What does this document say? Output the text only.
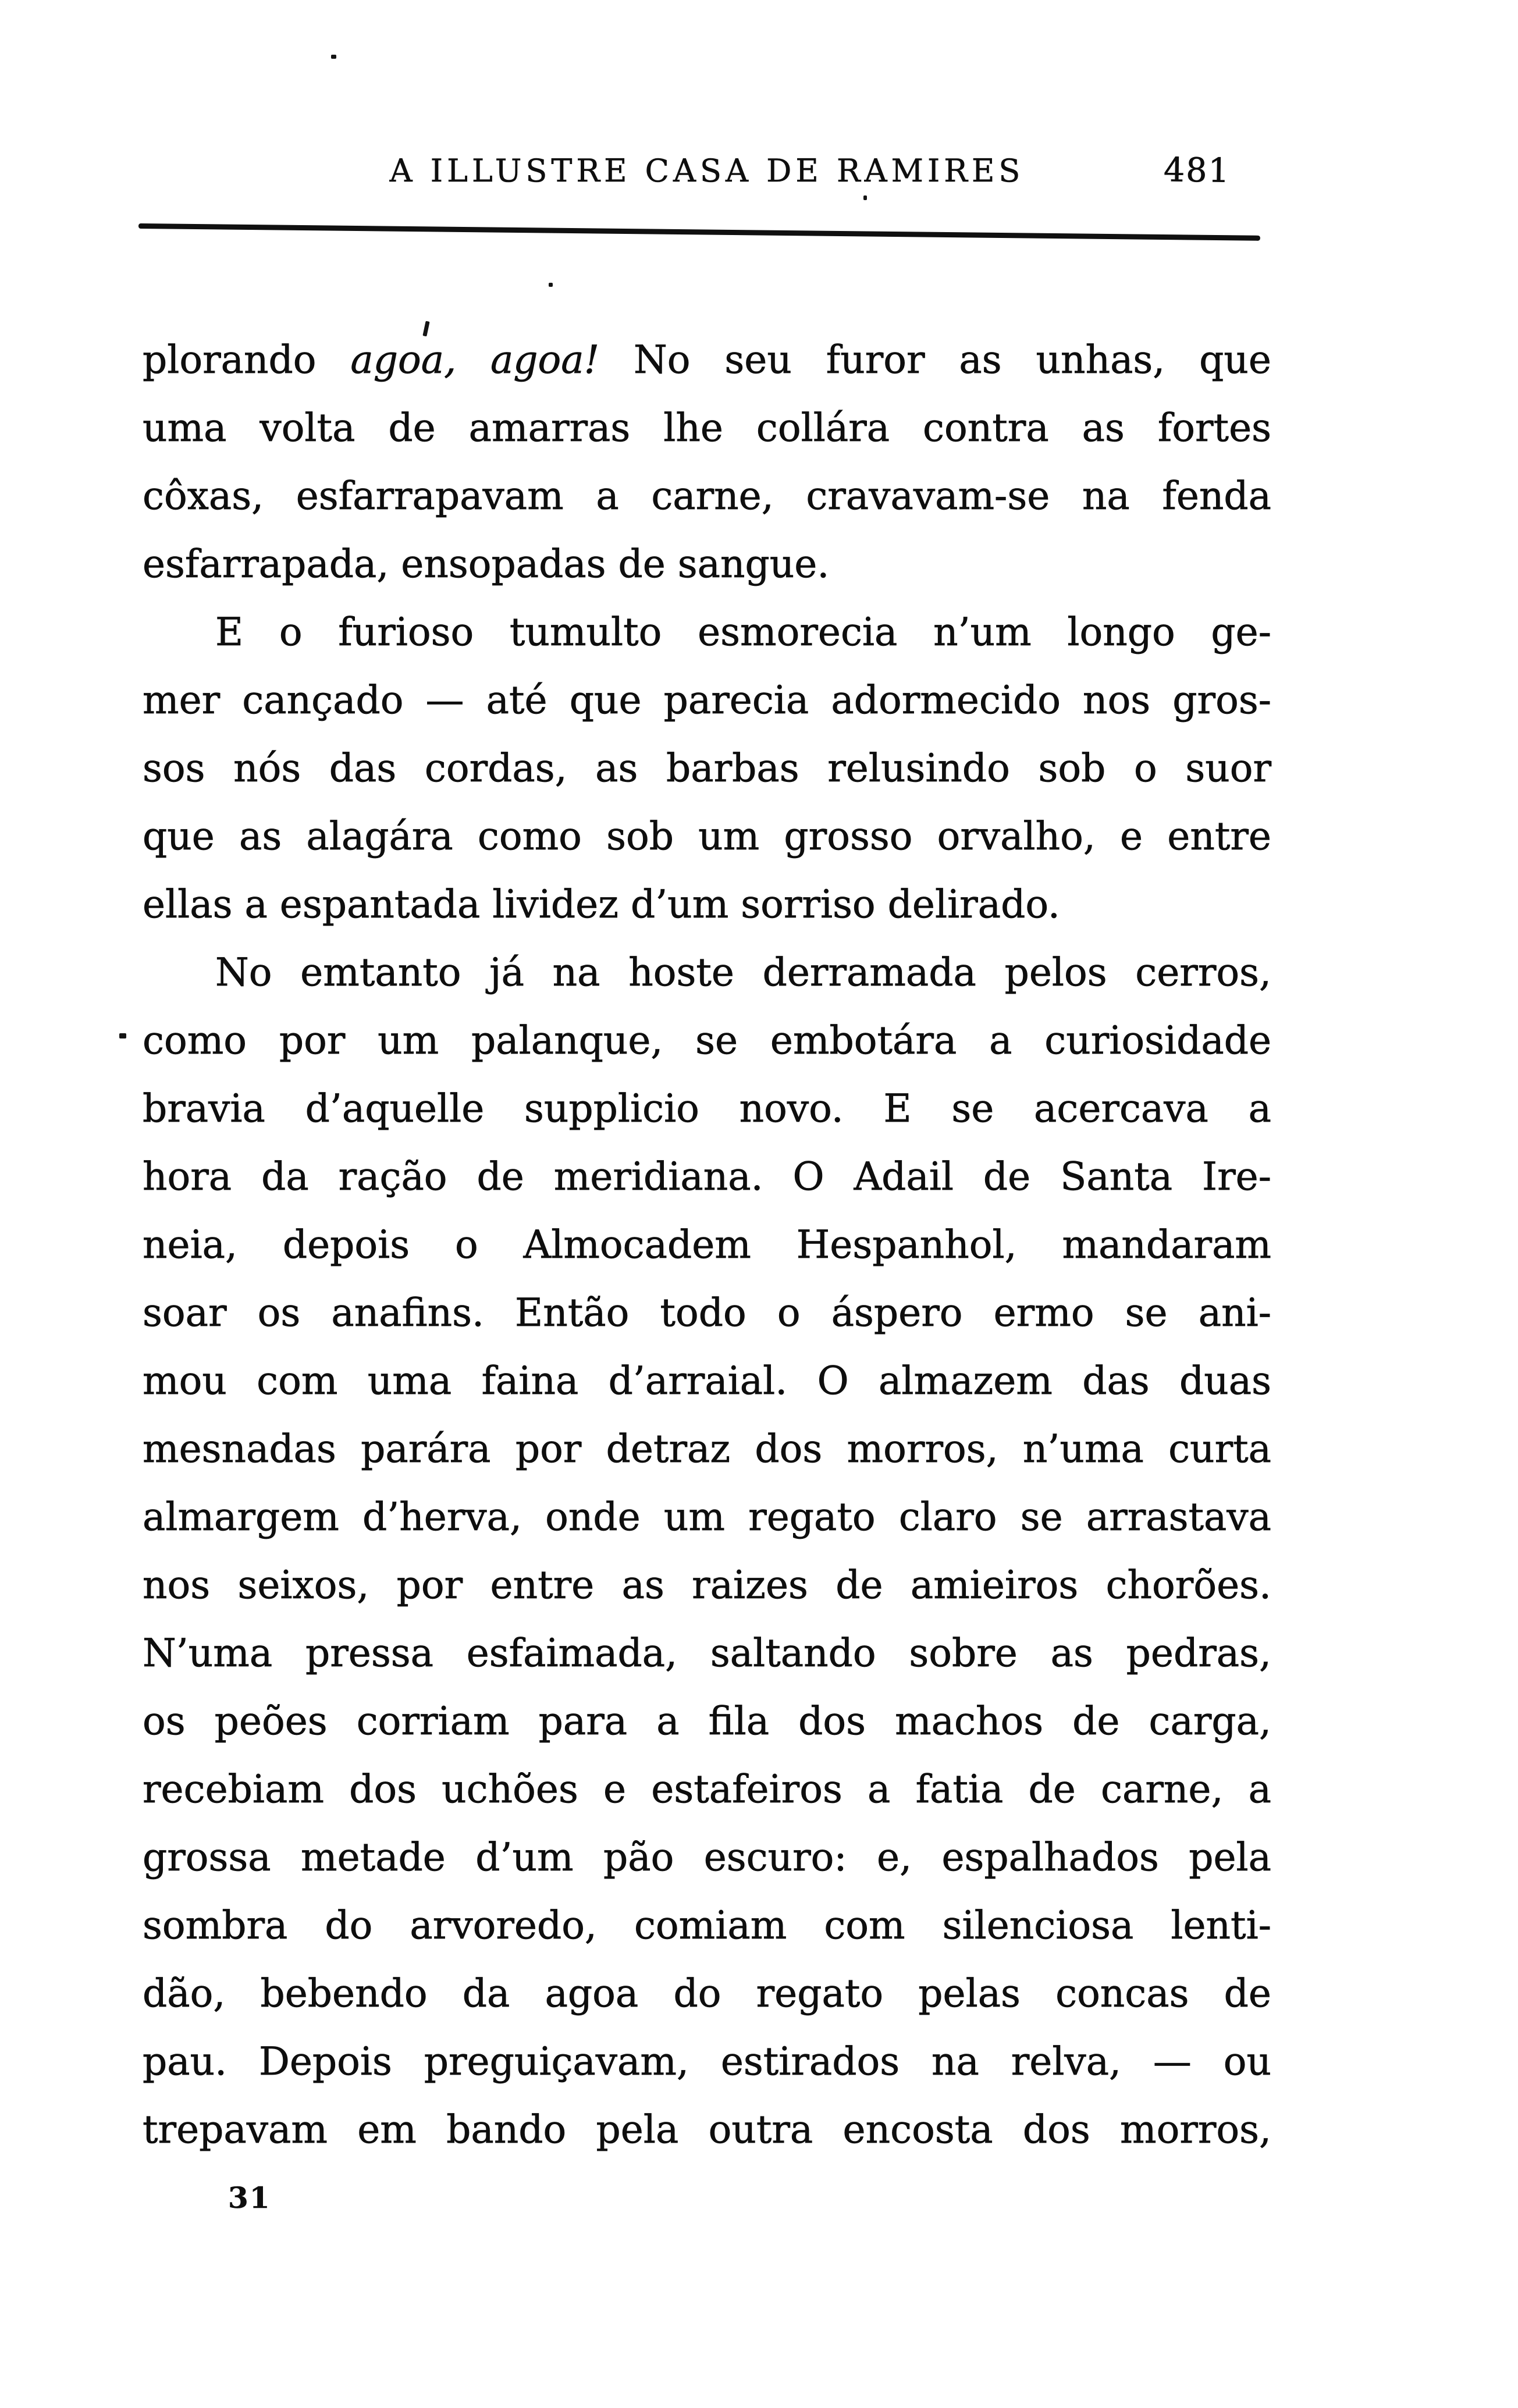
A ILLUSTRE CASA DE RAMIRES	481
plorando agoa, agoa! No seu furor as unhas, que
uma volta de amarras lhe collára contra as fortes
côxas, esfarrapavam a carne, cravavam-se na fenda
esfarrapada, ensopadas de sangue.
E o furioso tumulto esmorecia n’um longo ge-
mer cançado — até que parecia adormecido nos gros-
sos nós das cordas, as barbas relusindo sob o suor
que as alagára como sob um grosso orvalho, e entre
ellas a espantada lividez d’um sorriso delirado.
No emtanto já na hoste derramada pelos cerros,
como por um palanque, se embotára a curiosidade
bravia d’aquelle supplicio novo. E se acercava a
hora da ração de meridiana. O Adail de Santa Ire-
neia, depois o Almocadem Hespanhol, mandaram
soar os anafins. Então todo o áspero ermo se ani-
mou com uma faina d’arraial. O almazem das duas
mesnadas parára por detraz dos morros, n’uma curta
almargem d’herva, onde um regato claro se arrastava
nos seixos, por entre as raizes de amieiros chorões.
N’uma pressa esfaimada, saltando sobre as pedras,
os peões corriam para a fila dos machos de carga,
recebiam dos uchões e estafeiros a fatia de carne, a
grossa metade d’um pão escuro: e, espalhados pela
sombra do arvoredo, comiam com silenciosa lenti-
dão, bebendo da agoa do regato pelas concas de
pau. Depois preguiçavam, estirados na relva, — ou
trepavam em bando pela outra encosta dos morros,
31
